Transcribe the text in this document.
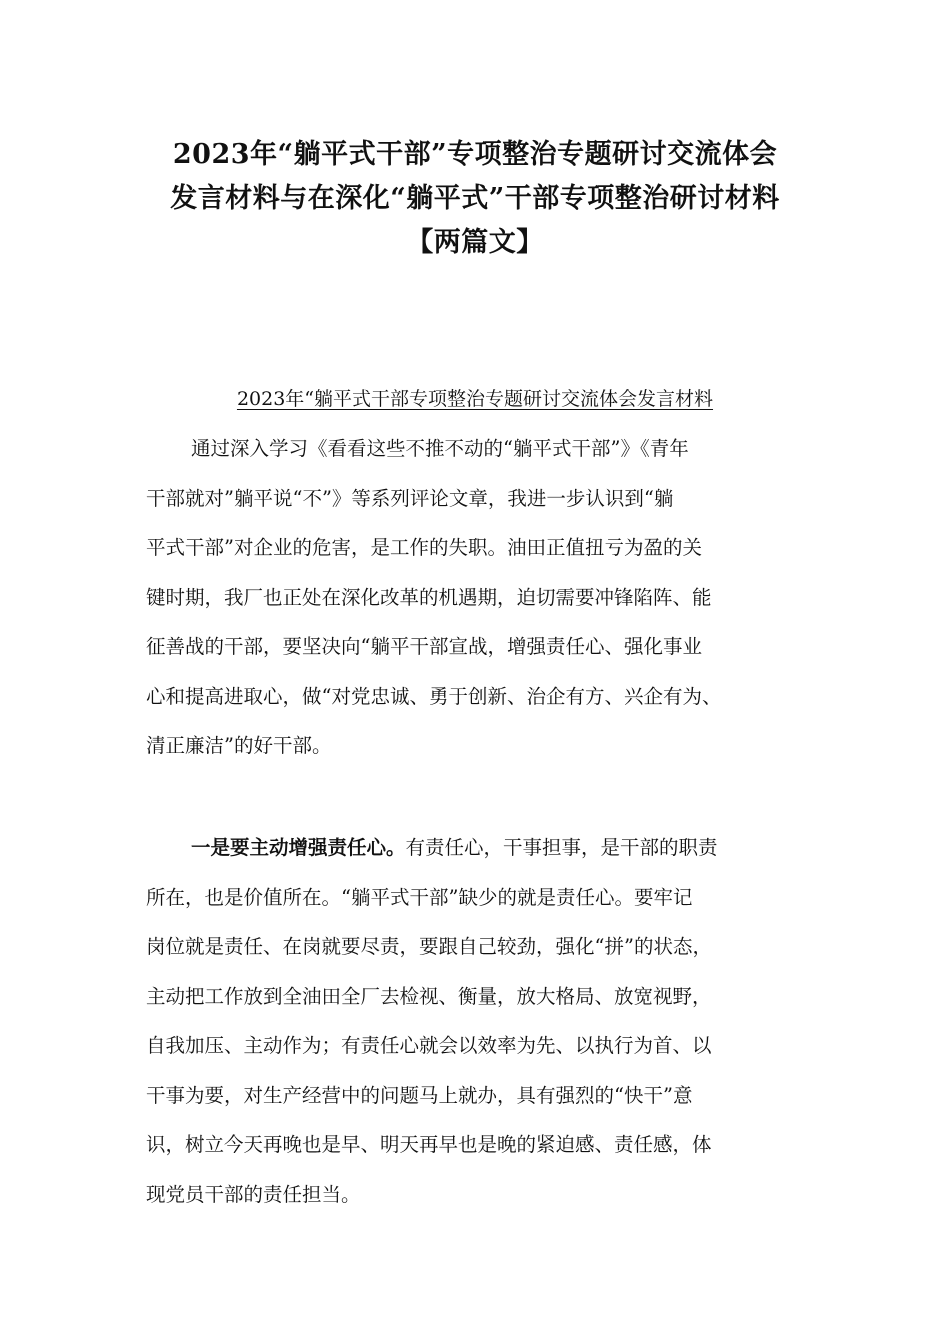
2023年“躺平式干部”专项整治专题研讨交流体会
发言材料与在深化“躺平式”干部专项整治研讨材料
【两篇文】
2023年“躺平式干部专项整治专题研讨交流体会发言材料
通过深入学习《看看这些不推不动的“躺平式干部”》《青年
干部就对”躺平说“不”》等系列评论文章，我进一步认识到“躺
平式干部”对企业的危害，是工作的失职。油田正值扭亏为盈的关
键时期，我厂也正处在深化改革的机遇期，迫切需要冲锋陷阵、能
征善战的干部，要坚决向“躺平干部宣战，增强责任心、强化事业
心和提高进取心，做“对党忠诚、勇于创新、治企有方、兴企有为、
清正廉洁”的好干部。
一是要主动增强责任心。有责任心，干事担事，是干部的职责
所在，也是价值所在。“躺平式干部”缺少的就是责任心。要牢记
岗位就是责任、在岗就要尽责，要跟自己较劲，强化“拼”的状态，
主动把工作放到全油田全厂去检视、衡量，放大格局、放宽视野，
自我加压、主动作为；有责任心就会以效率为先、以执行为首、以
干事为要，对生产经营中的问题马上就办，具有强烈的“快干”意
识，树立今天再晚也是早、明天再早也是晚的紧迫感、责任感，体
现党员干部的责任担当。
